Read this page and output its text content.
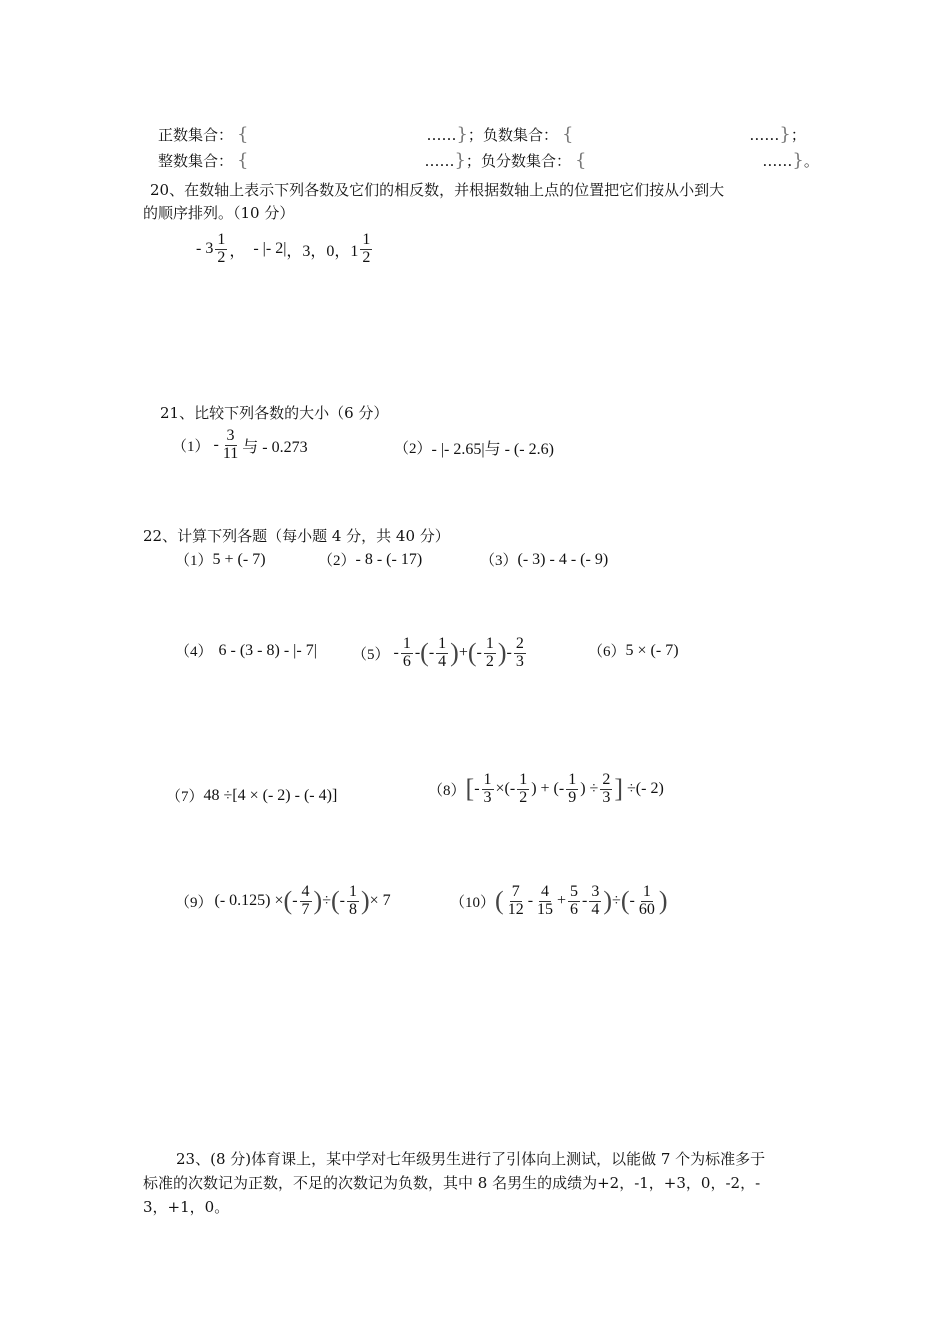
正数集合： {	… … } ； 负数集合： {	… … } ；
整数集合： {	… … } ； 负分数集合： {	… … } 。
20、在数轴上表示下列各数及它们的相反数，并根据数轴上点的位置把它们按从小到大
的顺序排列。（10 分）
- $3 \frac{1}{2}$ ， - |- 2| ，3，0，$1 \frac{1}{2}$
21、比较下列各数的大小（6 分）
$(1) - \frac{3}{11}$ 与 - 0.273	（2） - |- 2.65|与 - (- 2.6)
22、计算下列各题（每小题 4 分，共 40 分）
（1） 5 + (- 7)	（2） - 8 - (- 17)	（3） (- 3) - 4 - (- 9)
（4） 6 - (3 - 8) - |- 7| $(5) - \frac{1}{6}$ - ( - $\frac{1}{4}$ ) + ( - $\frac{1}{2}$ ) - $\frac{2}{3}$	（6） 5 × (- 7)
（7） 48 ÷[4 × (- 2) - (- 4)]	（8） [ - $\frac{1}{3}$ ×(- $\frac{1}{2}$ ) + (- $\frac{1}{9}$ ) ÷ $\frac{2}{3}$ ] ÷(- 2)
（9） (- 0.125) × ( - $\frac{4}{7}$ ) ÷ ( - $\frac{1}{8}$ ) × 7	（10） ( $\frac{7}{12} - \frac{4}{15} + \frac{5}{6} - \frac{3}{4}$ ) ÷ ( - $\frac{1}{60}$ )
23、(8 分)体育课上，某中学对七年级男生进行了引体向上测试，以能做 7 个为标准多于
标准的次数记为正数，不足的次数记为负数，其中 8 名男生的成绩为+2，-1，+3，0，-2，-
3，+1，0。
